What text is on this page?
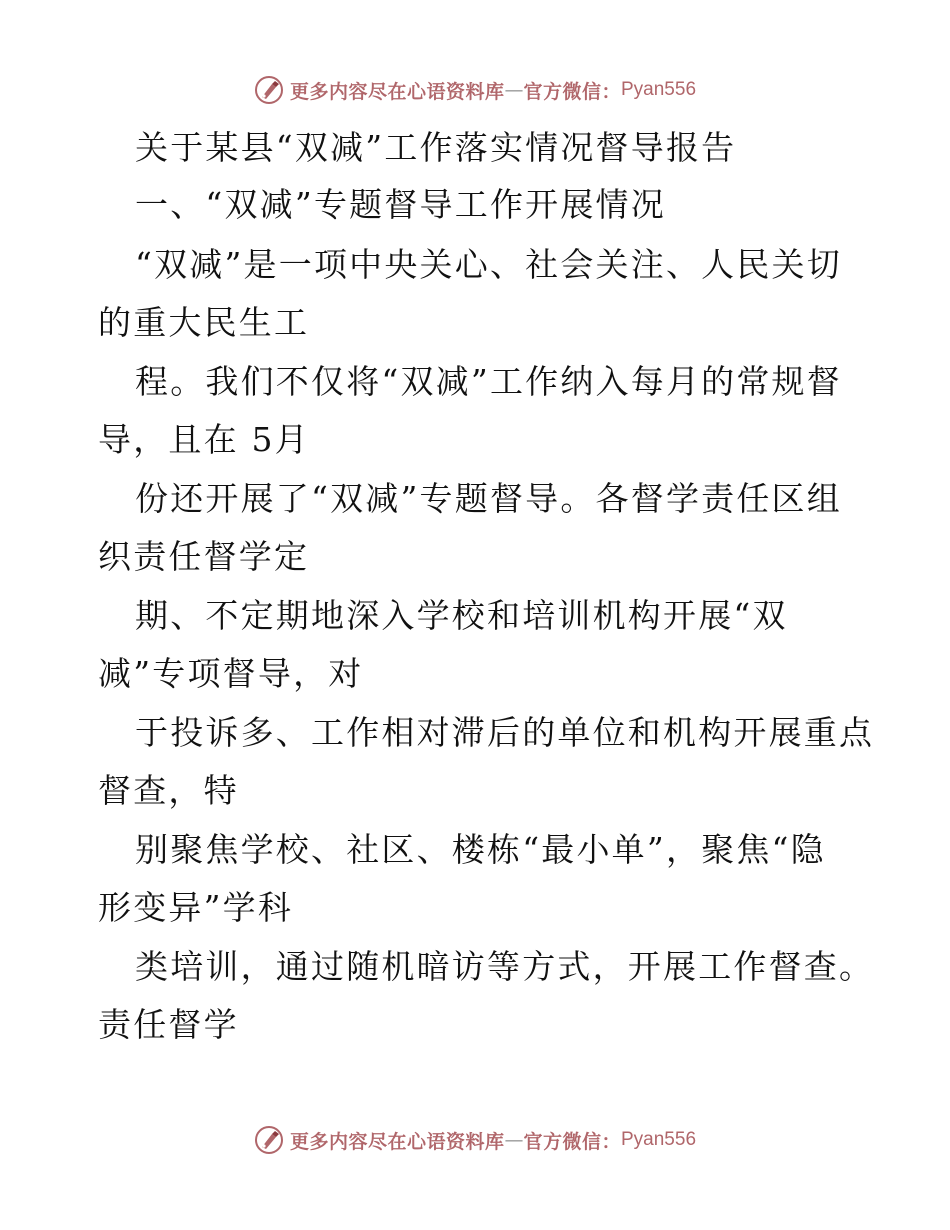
更多内容尽在心语资料库 — 官方微信： Pyan556
关于某县“双减”工作落实情况督导报告
一、“双减”专题督导工作开展情况
“双减”是一项中央关心、社会关注、人民关切
的重大民生工
程。我们不仅将“双减”工作纳入每月的常规督
导，且在 5月
份还开展了“双减”专题督导。各督学责任区组
织责任督学定
期、不定期地深入学校和培训机构开展“双
减”专项督导，对
于投诉多、工作相对滞后的单位和机构开展重点
督查，特
别聚焦学校、社区、楼栋“最小单”，聚焦“隐
形变异”学科
类培训，通过随机暗访等方式，开展工作督查。
责任督学
更多内容尽在心语资料库 — 官方微信： Pyan556
